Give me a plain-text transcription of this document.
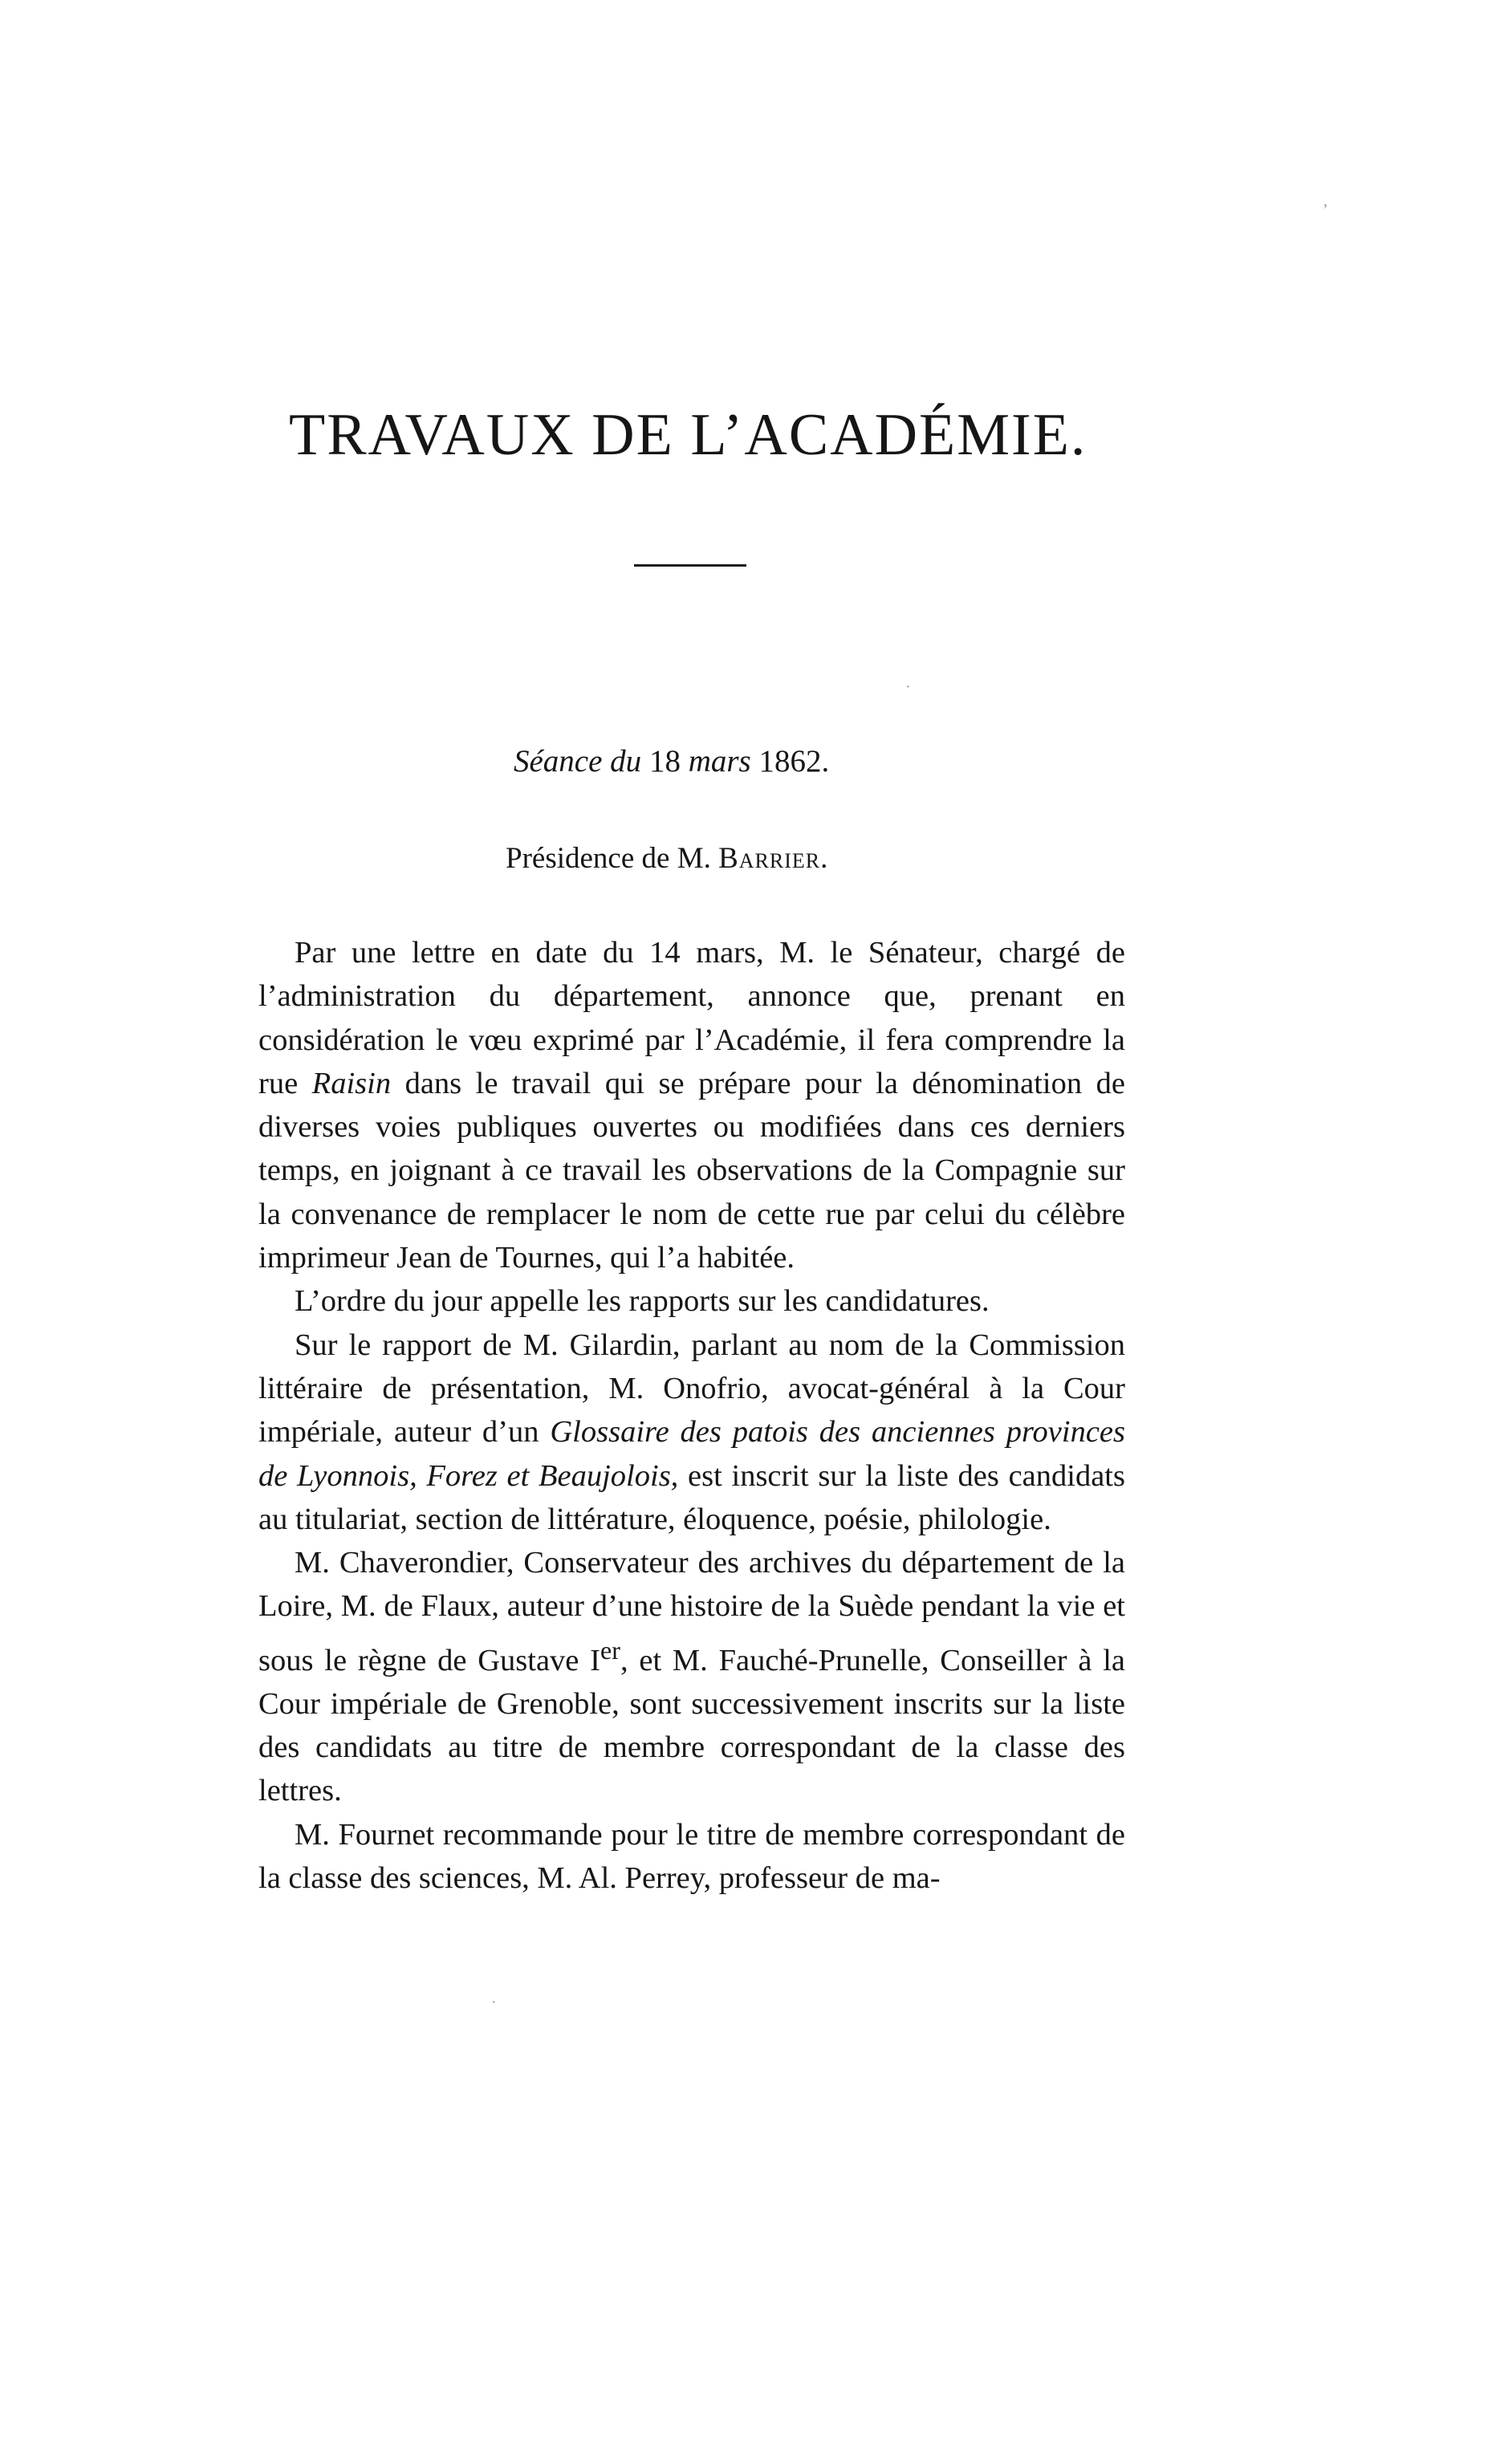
TRAVAUX DE L’ACADÉMIE.
Séance du 18 mars 1862.
Présidence de M. Barrier.

Par une lettre en date du 14 mars, M. le Sénateur, chargé de l’administration du département, annonce que, prenant en considération le vœu exprimé par l’Académie, il fera comprendre la rue Raisin dans le travail qui se prépare pour la dénomination de diverses voies publiques ouvertes ou modifiées dans ces derniers temps, en joignant à ce travail les observations de la Compagnie sur la convenance de remplacer le nom de cette rue par celui du célèbre imprimeur Jean de Tournes, qui l’a habitée.

L’ordre du jour appelle les rapports sur les candidatures.

Sur le rapport de M. Gilardin, parlant au nom de la Commission littéraire de présentation, M. Onofrio, avocat-général à la Cour impériale, auteur d’un Glossaire des patois des anciennes provinces de Lyonnois, Forez et Beaujolois, est inscrit sur la liste des candidats au titulariat, section de littérature, éloquence, poésie, philologie.

M. Chaverondier, Conservateur des archives du département de la Loire, M. de Flaux, auteur d’une histoire de la Suède pendant la vie et sous le règne de Gustave Ier, et M. Fauché-Prunelle, Conseiller à la Cour impériale de Grenoble, sont successivement inscrits sur la liste des candidats au titre de membre correspondant de la classe des lettres.

M. Fournet recommande pour le titre de membre correspondant de la classe des sciences, M. Al. Perrey, professeur de ma-

ʼ
·
·
